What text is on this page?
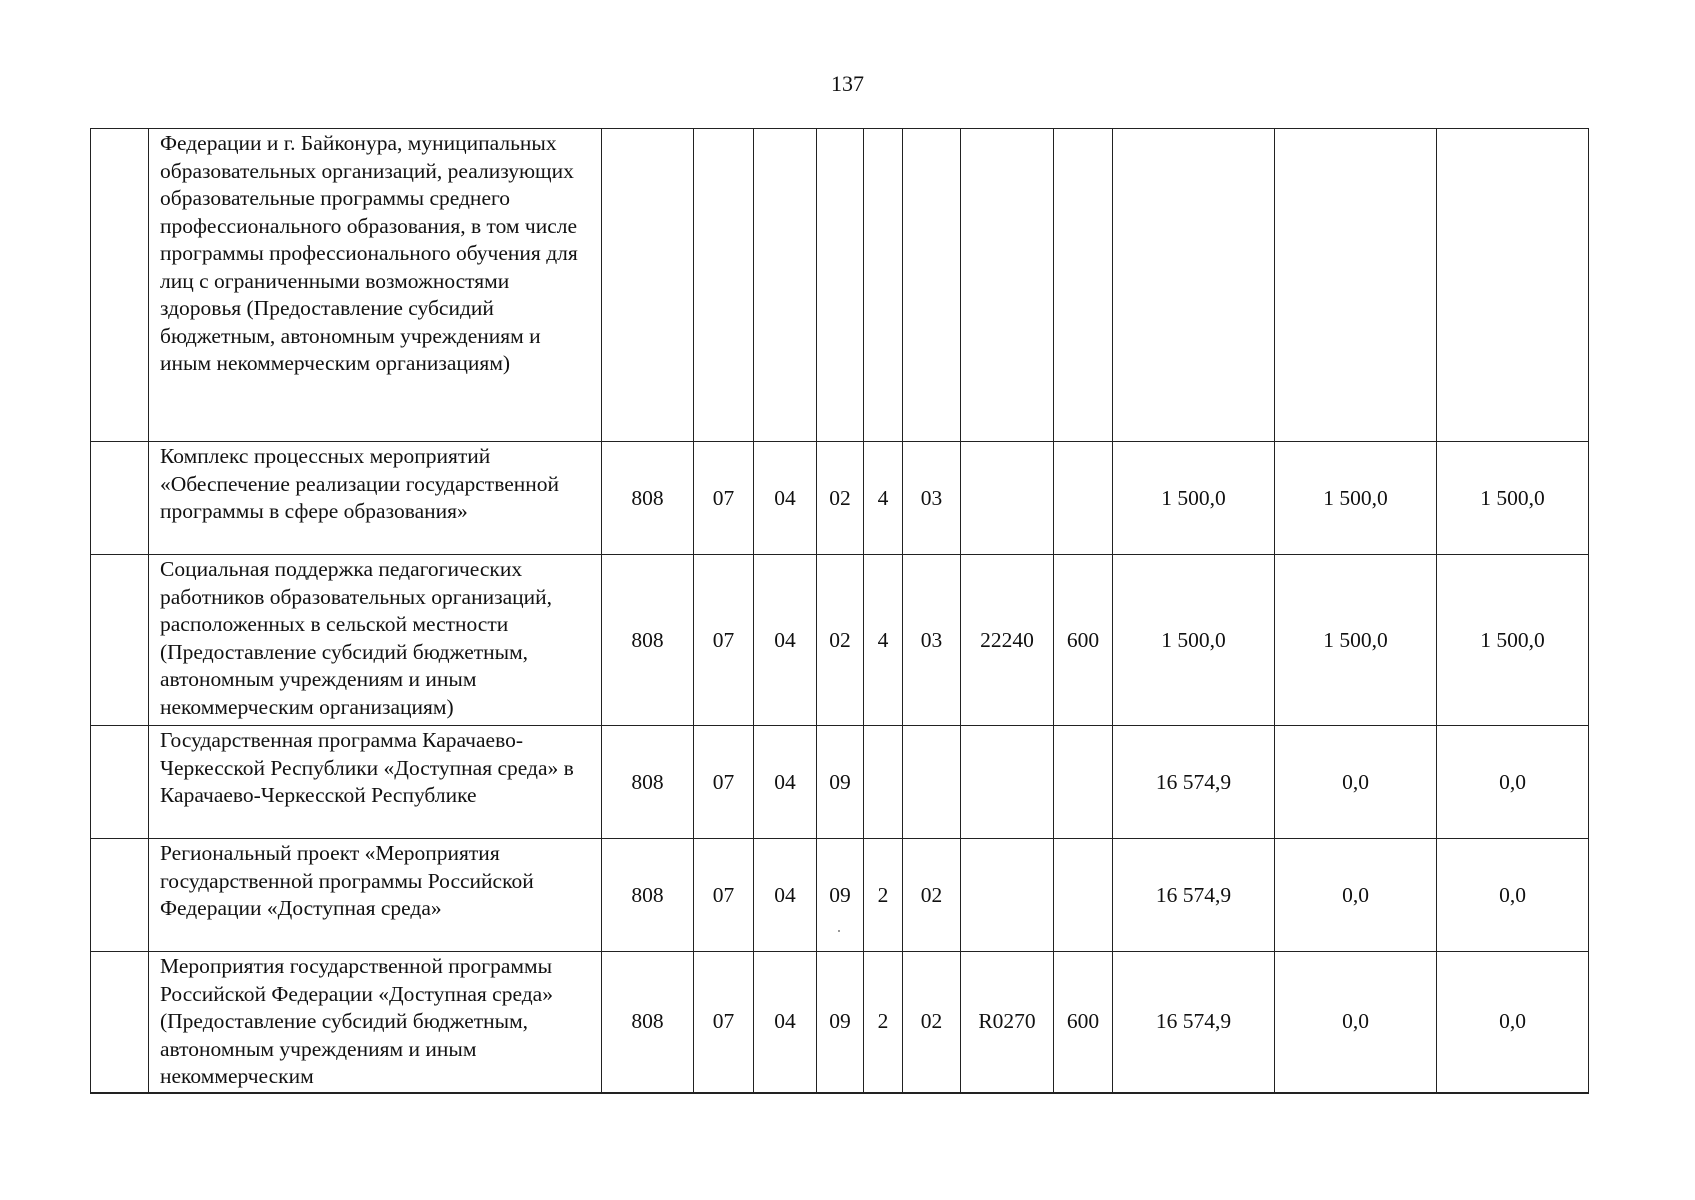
137
	Федерации и г. Байконура, муниципальных образовательных организаций, реализующих образовательные программы среднего профессионального образования, в том числе программы профессионального обучения для лиц с ограниченными возможностями здоровья (Предоставление субсидий бюджетным, автономным учреждениям и иным некоммерческим организациям)											
	Комплекс процессных мероприятий «Обеспечение реализации государственной программы в сфере образования»	808	07	04	02	4	03			1 500,0	1 500,0	1 500,0
	Социальная поддержка педагогических работников образовательных организаций, расположенных в сельской местности (Предоставление субсидий бюджетным, автономным учреждениям и иным некоммерческим организациям)	808	07	04	02	4	03	22240	600	1 500,0	1 500,0	1 500,0
	Государственная программа Карачаево-Черкесской Республики «Доступная среда» в Карачаево-Черкесской Республике	808	07	04	09					16 574,9	0,0	0,0
	Региональный проект «Мероприятия государственной программы Российской Федерации «Доступная среда»	808	07	04	09	2	02			16 574,9	0,0	0,0
	Мероприятия государственной программы Российской Федерации «Доступная среда» (Предоставление субсидий бюджетным, автономным учреждениям и иным некоммерческим	808	07	04	09	2	02	R0270	600	16 574,9	0,0	0,0
